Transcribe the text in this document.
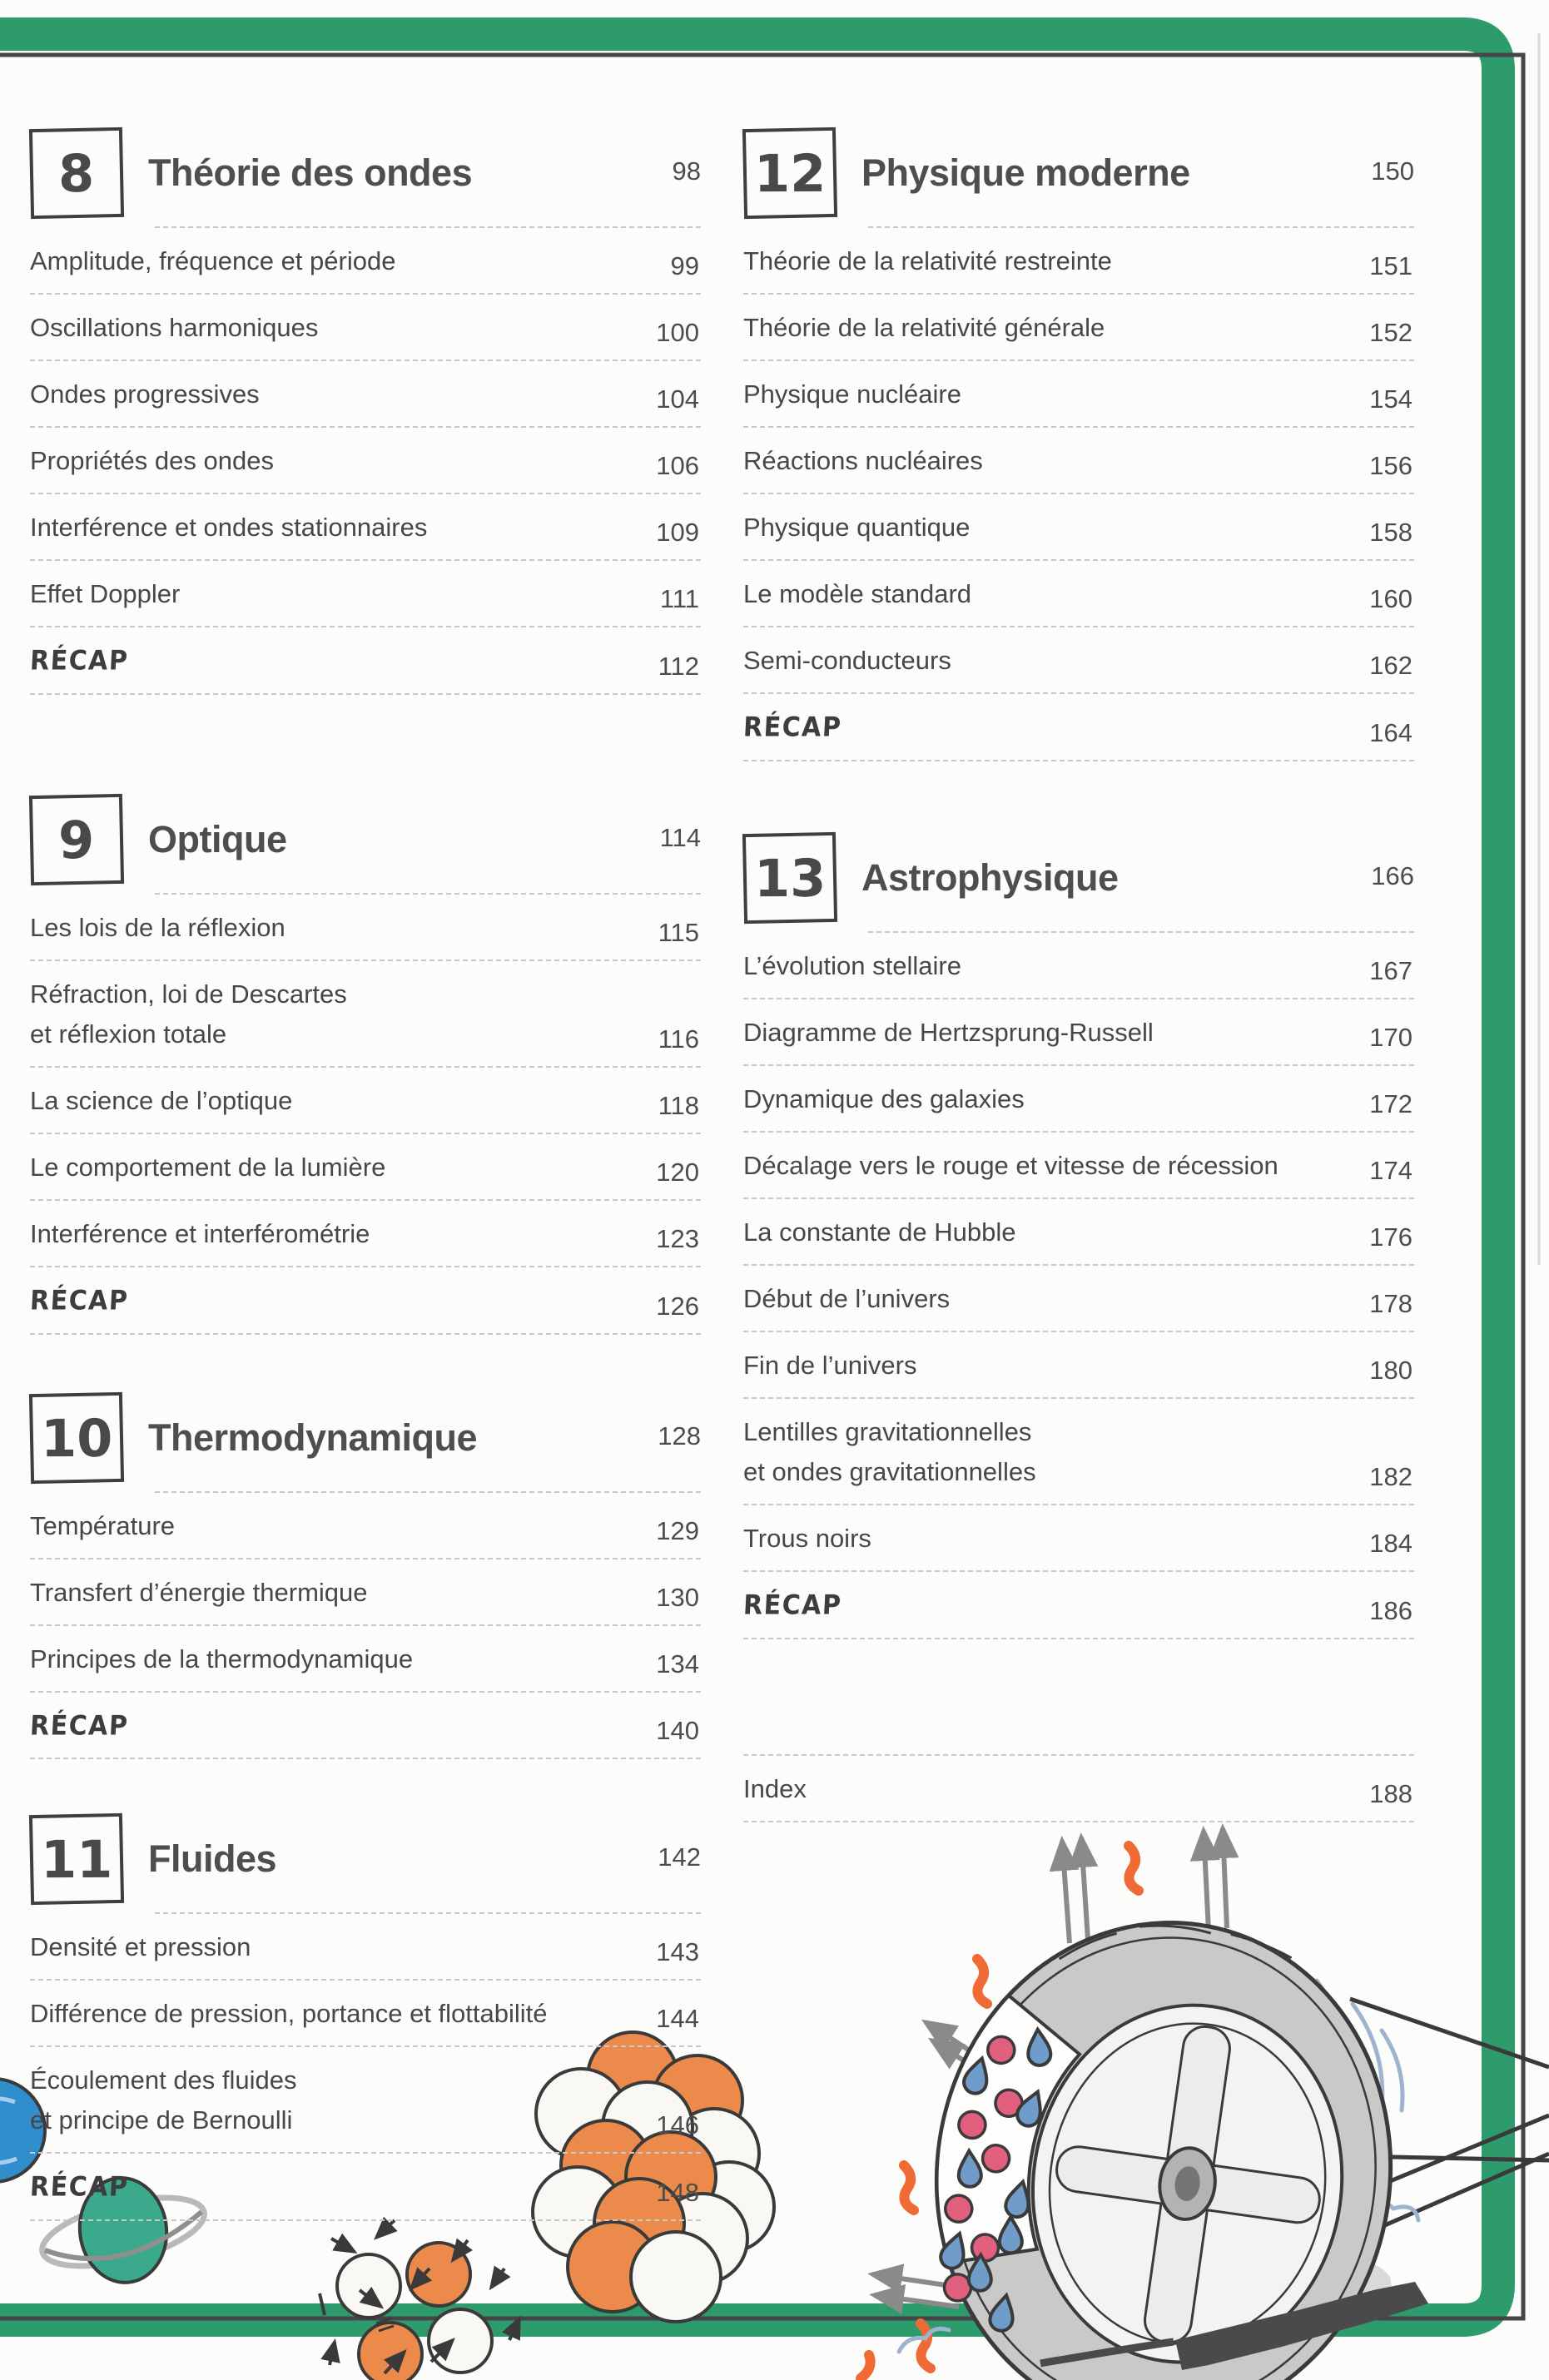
8 Théorie des ondes	98
Amplitude, fréquence et période	99
Oscillations harmoniques	100
Ondes progressives	104
Propriétés des ondes	106
Interférence et ondes stationnaires	109
Effet Doppler	111
RÉCAP	112
9 Optique	114
Les lois de la réflexion	115
Réfraction, loi de Descartes
et réflexion totale	116
La science de l’optique	118
Le comportement de la lumière	120
Interférence et interférométrie	123
RÉCAP	126
10 Thermodynamique	128
Température	129
Transfert d’énergie thermique	130
Principes de la thermodynamique	134
RÉCAP	140
11 Fluides	142
Densité et pression	143
Différence de pression, portance et flottabilité	144
Écoulement des fluides
et principe de Bernoulli	146
RÉCAP	148
12 Physique moderne	150
Théorie de la relativité restreinte	151
Théorie de la relativité générale	152
Physique nucléaire	154
Réactions nucléaires	156
Physique quantique	158
Le modèle standard	160
Semi-conducteurs	162
RÉCAP	164
13 Astrophysique	166
L’évolution stellaire	167
Diagramme de Hertzsprung-Russell	170
Dynamique des galaxies	172
Décalage vers le rouge et vitesse de récession	174
La constante de Hubble	176
Début de l’univers	178
Fin de l’univers	180
Lentilles gravitationnelles
et ondes gravitationnelles	182
Trous noirs	184
RÉCAP	186
Index	188
